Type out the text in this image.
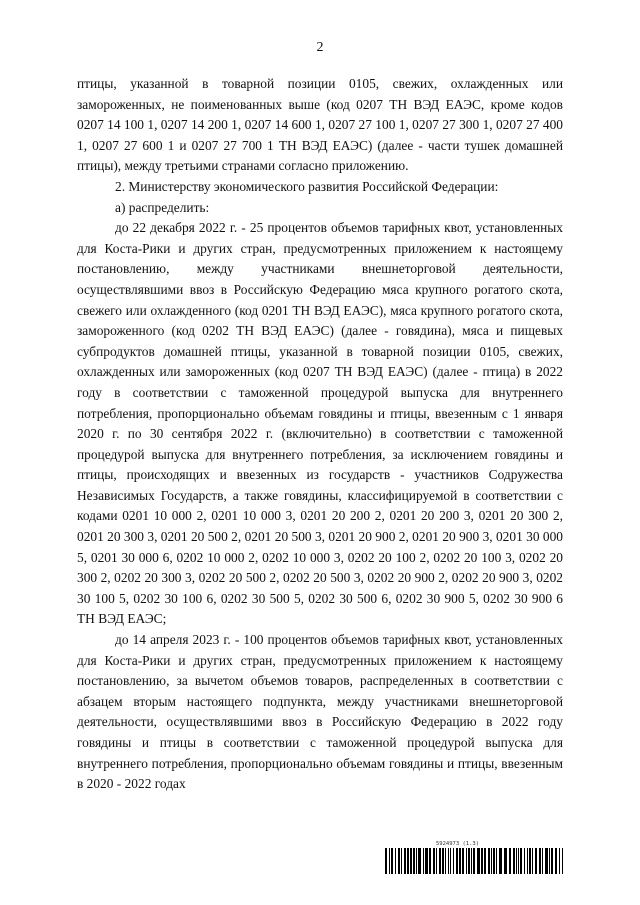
2

птицы, указанной в товарной позиции 0105, свежих, охлажденных или замороженных, не поименованных выше (код 0207 ТН ВЭД ЕАЭС, кроме кодов 0207 14 100 1, 0207 14 200 1, 0207 14 600 1, 0207 27 100 1, 0207 27 300 1, 0207 27 400 1, 0207 27 600 1 и 0207 27 700 1 ТН ВЭД ЕАЭС) (далее - части тушек домашней птицы), между третьими странами согласно приложению.

2. Министерству экономического развития Российской Федерации:

а) распределить:

до 22 декабря 2022 г. - 25 процентов объемов тарифных квот, установленных для Коста-Рики и других стран, предусмотренных приложением к настоящему постановлению, между участниками внешнеторговой деятельности, осуществлявшими ввоз в Российскую Федерацию мяса крупного рогатого скота, свежего или охлажденного (код 0201 ТН ВЭД ЕАЭС), мяса крупного рогатого скота, замороженного (код 0202 ТН ВЭД ЕАЭС) (далее - говядина), мяса и пищевых субпродуктов домашней птицы, указанной в товарной позиции 0105, свежих, охлажденных или замороженных (код 0207 ТН ВЭД ЕАЭС) (далее - птица) в 2022 году в соответствии с таможенной процедурой выпуска для внутреннего потребления, пропорционально объемам говядины и птицы, ввезенным с 1 января 2020 г. по 30 сентября 2022 г. (включительно) в соответствии с таможенной процедурой выпуска для внутреннего потребления, за исключением говядины и птицы, происходящих и ввезенных из государств - участников Содружества Независимых Государств, а также говядины, классифицируемой в соответствии с кодами 0201 10 000 2, 0201 10 000 3, 0201 20 200 2, 0201 20 200 3, 0201 20 300 2, 0201 20 300 3, 0201 20 500 2, 0201 20 500 3, 0201 20 900 2, 0201 20 900 3, 0201 30 000 5, 0201 30 000 6, 0202 10 000 2, 0202 10 000 3, 0202 20 100 2, 0202 20 100 3, 0202 20 300 2, 0202 20 300 3, 0202 20 500 2, 0202 20 500 3, 0202 20 900 2, 0202 20 900 3, 0202 30 100 5, 0202 30 100 6, 0202 30 500 5, 0202 30 500 6, 0202 30 900 5, 0202 30 900 6 ТН ВЭД ЕАЭС;

до 14 апреля 2023 г. - 100 процентов объемов тарифных квот, установленных для Коста-Рики и других стран, предусмотренных приложением к настоящему постановлению, за вычетом объемов товаров, распределенных в соответствии с абзацем вторым настоящего подпункта, между участниками внешнеторговой деятельности, осуществлявшими ввоз в Российскую Федерацию в 2022 году говядины и птицы в соответствии с таможенной процедурой выпуска для внутреннего потребления, пропорционально объемам говядины и птицы, ввезенным в 2020 - 2022 годах

5924973 (1.3)
